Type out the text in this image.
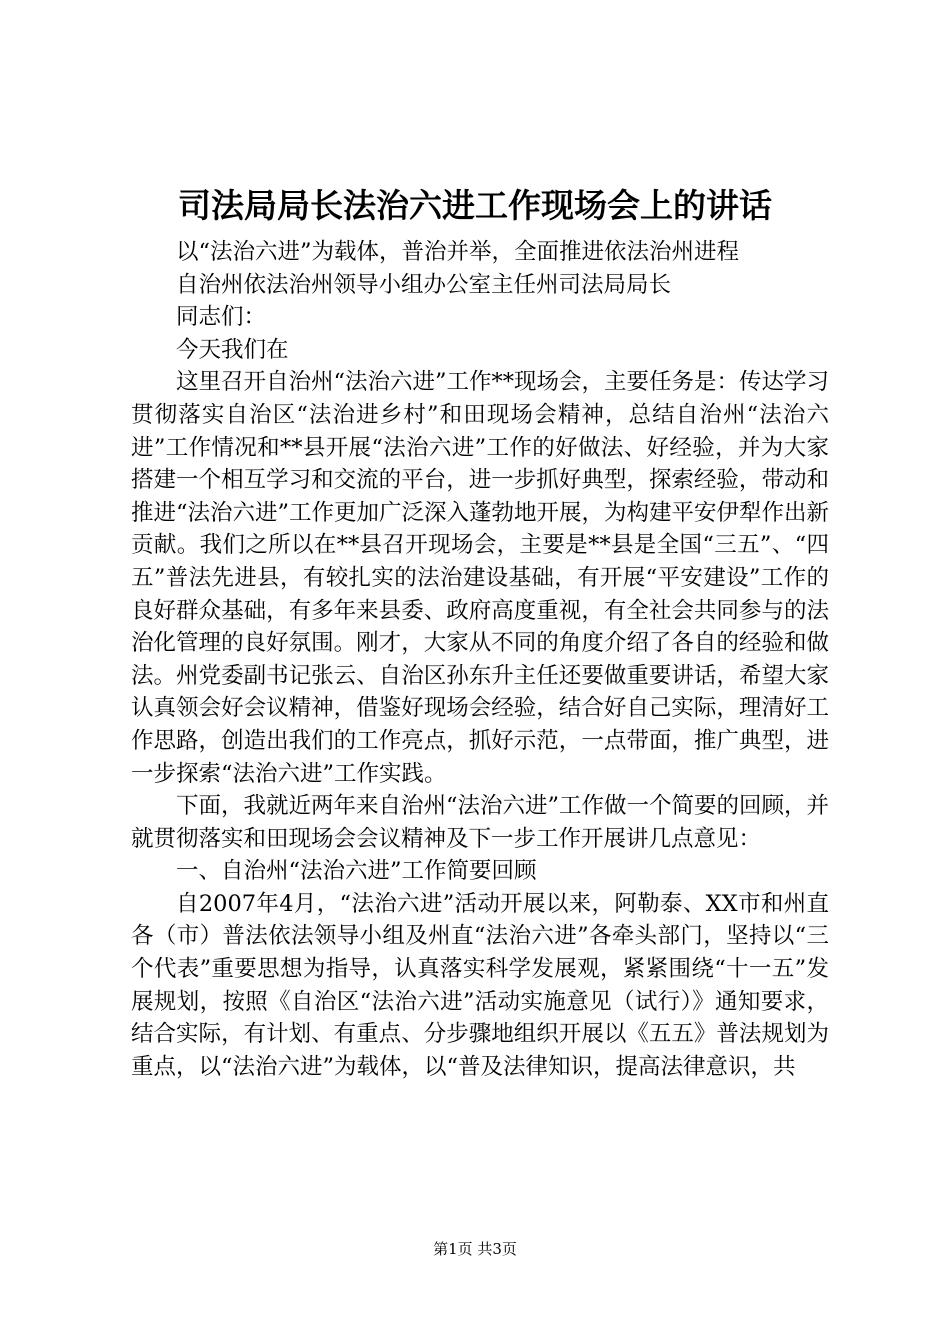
司法局局长法治六进工作现场会上的讲话

以“法治六进”为载体，普治并举，全面推进依法治州进程

自治州依法治州领导小组办公室主任州司法局局长

同志们：

今天我们在

这里召开自治州“法治六进”工作**现场会，主要任务是：传达学习贯彻落实自治区“法治进乡村”和田现场会精神，总结自治州“法治六进”工作情况和**县开展“法治六进”工作的好做法、好经验，并为大家搭建一个相互学习和交流的平台，进一步抓好典型，探索经验，带动和推进“法治六进”工作更加广泛深入蓬勃地开展，为构建平安伊犁作出新贡献。我们之所以在**县召开现场会，主要是**县是全国“三五”、“四五”普法先进县，有较扎实的法治建设基础，有开展“平安建设”工作的良好群众基础，有多年来县委、政府高度重视，有全社会共同参与的法治化管理的良好氛围。刚才，大家从不同的角度介绍了各自的经验和做法。州党委副书记张云、自治区孙东升主任还要做重要讲话，希望大家认真领会好会议精神，借鉴好现场会经验，结合好自己实际，理清好工作思路，创造出我们的工作亮点，抓好示范，一点带面，推广典型，进一步探索“法治六进”工作实践。

下面，我就近两年来自治州“法治六进”工作做一个简要的回顾，并就贯彻落实和田现场会会议精神及下一步工作开展讲几点意见：

一、自治州“法治六进”工作简要回顾

自2007年4月，“法治六进”活动开展以来，阿勒泰、XX市和州直各（市）普法依法领导小组及州直“法治六进”各牵头部门，坚持以“三个代表”重要思想为指导，认真落实科学发展观，紧紧围绕“十一五”发展规划，按照《自治区“法治六进”活动实施意见（试行）》通知要求，结合实际，有计划、有重点、分步骤地组织开展以《五五》普法规划为重点，以“法治六进”为载体，以“普及法律知识，提高法律意识，共

第1页 共3页
